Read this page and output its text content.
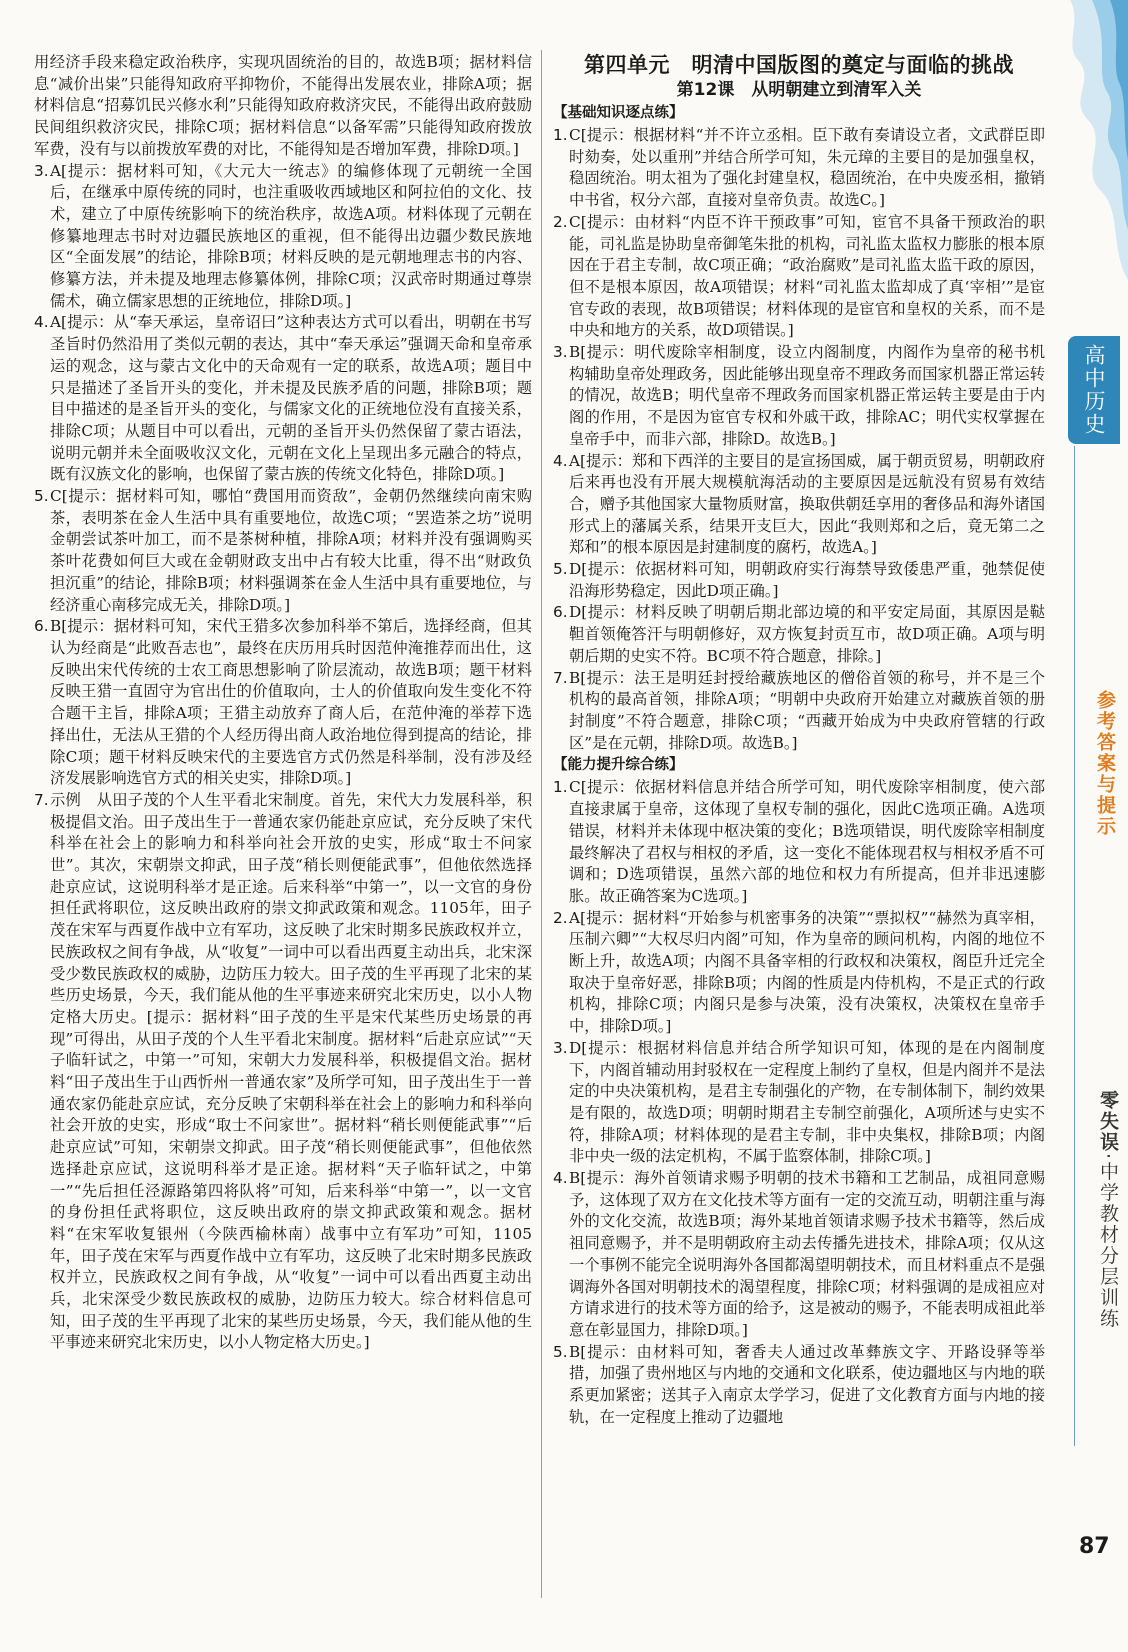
用经济手段来稳定政治秩序，实现巩固统治的目的，故选B项；据材料信息“减价出粜”只能得知政府平抑物价，不能得出发展农业，排除A项；据材料信息“招募饥民兴修水利”只能得知政府救济灾民，不能得出政府鼓励民间组织救济灾民，排除C项；据材料信息“以备军需”只能得知政府拨放军费，没有与以前拨放军费的对比，不能得知是否增加军费，排除D项。]

3. A[提示：据材料可知，《大元大一统志》的编修体现了元朝统一全国后，在继承中原传统的同时，也注重吸收西域地区和阿拉伯的文化、技术，建立了中原传统影响下的统治秩序，故选A项。材料体现了元朝在修纂地理志书时对边疆民族地区的重视，但不能得出边疆少数民族地区“全面发展”的结论，排除B项；材料反映的是元朝地理志书的内容、修纂方法，并未提及地理志修纂体例，排除C项；汉武帝时期通过尊崇儒术，确立儒家思想的正统地位，排除D项。]

4. A[提示：从“奉天承运，皇帝诏曰”这种表达方式可以看出，明朝在书写圣旨时仍然沿用了类似元朝的表达，其中“奉天承运”强调天命和皇帝承运的观念，这与蒙古文化中的天命观有一定的联系，故选A项；题目中只是描述了圣旨开头的变化，并未提及民族矛盾的问题，排除B项；题目中描述的是圣旨开头的变化，与儒家文化的正统地位没有直接关系，排除C项；从题目中可以看出，元朝的圣旨开头仍然保留了蒙古语法，说明元朝并未全面吸收汉文化，元朝在文化上呈现出多元融合的特点，既有汉族文化的影响，也保留了蒙古族的传统文化特色，排除D项。]

5. C[提示：据材料可知，哪怕“费国用而资敌”，金朝仍然继续向南宋购茶，表明茶在金人生活中具有重要地位，故选C项；“罢造茶之坊”说明金朝尝试茶叶加工，而不是茶树种植，排除A项；材料并没有强调购买茶叶花费如何巨大或在金朝财政支出中占有较大比重，得不出“财政负担沉重”的结论，排除B项；材料强调茶在金人生活中具有重要地位，与经济重心南移完成无关，排除D项。]

6. B[提示：据材料可知，宋代王猎多次参加科举不第后，选择经商，但其认为经商是“此败吾志也”，最终在庆历用兵时因范仲淹推荐而出仕，这反映出宋代传统的士农工商思想影响了阶层流动，故选B项；题干材料反映王猎一直固守为官出仕的价值取向，士人的价值取向发生变化不符合题干主旨，排除A项；王猎主动放弃了商人后，在范仲淹的举荐下选择出仕，无法从王猎的个人经历得出商人政治地位得到提高的结论，排除C项；题干材料反映宋代的主要选官方式仍然是科举制，没有涉及经济发展影响选官方式的相关史实，排除D项。]

7. 示例　从田子茂的个人生平看北宋制度。首先，宋代大力发展科举，积极提倡文治。田子茂出生于一普通农家仍能赴京应试，充分反映了宋代科举在社会上的影响力和科举向社会开放的史实，形成“取士不问家世”。其次，宋朝崇文抑武，田子茂“稍长则便能武事”，但他依然选择赴京应试，这说明科举才是正途。后来科举“中第一”，以一文官的身份担任武将职位，这反映出政府的崇文抑武政策和观念。1105年，田子茂在宋军与西夏作战中立有军功，这反映了北宋时期多民族政权并立，民族政权之间有争战，从“收复”一词中可以看出西夏主动出兵，北宋深受少数民族政权的威胁，边防压力较大。田子茂的生平再现了北宋的某些历史场景，今天，我们能从他的生平事迹来研究北宋历史，以小人物定格大历史。[提示：据材料“田子茂的生平是宋代某些历史场景的再现”可得出，从田子茂的个人生平看北宋制度。据材料“后赴京应试”“天子临轩试之，中第一”可知，宋朝大力发展科举，积极提倡文治。据材料“田子茂出生于山西忻州一普通农家”及所学可知，田子茂出生于一普通农家仍能赴京应试，充分反映了宋朝科举在社会上的影响力和科举向社会开放的史实，形成“取士不问家世”。据材料“稍长则便能武事”“后赴京应试”可知，宋朝崇文抑武。田子茂“稍长则便能武事”，但他依然选择赴京应试，这说明科举才是正途。据材料“天子临轩试之，中第一”“先后担任泾源路第四将队将”可知，后来科举“中第一”，以一文官的身份担任武将职位，这反映出政府的崇文抑武政策和观念。据材料“在宋军收复银州（今陕西榆林南）战事中立有军功”可知，1105年，田子茂在宋军与西夏作战中立有军功，这反映了北宋时期多民族政权并立，民族政权之间有争战，从“收复”一词中可以看出西夏主动出兵，北宋深受少数民族政权的威胁，边防压力较大。综合材料信息可知，田子茂的生平再现了北宋的某些历史场景，今天，我们能从他的生平事迹来研究北宋历史，以小人物定格大历史。]

第四单元　明清中国版图的奠定与面临的挑战
第12课　从明朝建立到清军入关
【基础知识逐点练】
1. C[提示：根据材料“并不许立丞相。臣下敢有奏请设立者，文武群臣即时劾奏，处以重刑”并结合所学可知，朱元璋的主要目的是加强皇权，稳固统治。明太祖为了强化封建皇权，稳固统治，在中央废丞相，撤销中书省，权分六部，直接对皇帝负责。故选C。]

2. C[提示：由材料“内臣不许干预政事”可知，宦官不具备干预政治的职能，司礼监是协助皇帝御笔朱批的机构，司礼监太监权力膨胀的根本原因在于君主专制，故C项正确；“政治腐败”是司礼监太监干政的原因，但不是根本原因，故A项错误；材料“司礼监太监却成了真‘宰相’”是宦官专政的表现，故B项错误；材料体现的是宦官和皇权的关系，而不是中央和地方的关系，故D项错误。]

3. B[提示：明代废除宰相制度，设立内阁制度，内阁作为皇帝的秘书机构辅助皇帝处理政务，因此能够出现皇帝不理政务而国家机器正常运转的情况，故选B；明代皇帝不理政务而国家机器正常运转主要是由于内阁的作用，不是因为宦官专权和外戚干政，排除AC；明代实权掌握在皇帝手中，而非六部，排除D。故选B。]

4. A[提示：郑和下西洋的主要目的是宣扬国威，属于朝贡贸易，明朝政府后来再也没有开展大规模航海活动的主要原因是远航没有贸易有效结合，赠予其他国家大量物质财富，换取供朝廷享用的奢侈品和海外诸国形式上的藩属关系，结果开支巨大，因此“我则郑和之后，竟无第二之郑和”的根本原因是封建制度的腐朽，故选A。]

5. D[提示：依据材料可知，明朝政府实行海禁导致倭患严重，弛禁促使沿海形势稳定，因此D项正确。]

6. D[提示：材料反映了明朝后期北部边境的和平安定局面，其原因是鞑靼首领俺答汗与明朝修好，双方恢复封贡互市，故D项正确。A项与明朝后期的史实不符。BC项不符合题意，排除。]

7. B[提示：法王是明廷封授给藏族地区的僧俗首领的称号，并不是三个机构的最高首领，排除A项；“明朝中央政府开始建立对藏族首领的册封制度”不符合题意，排除C项；“西藏开始成为中央政府管辖的行政区”是在元朝，排除D项。故选B。]

【能力提升综合练】
1. C[提示：依据材料信息并结合所学可知，明代废除宰相制度，使六部直接隶属于皇帝，这体现了皇权专制的强化，因此C选项正确。A选项错误，材料并未体现中枢决策的变化；B选项错误，明代废除宰相制度最终解决了君权与相权的矛盾，这一变化不能体现君权与相权矛盾不可调和；D选项错误，虽然六部的地位和权力有所提高，但并非迅速膨胀。故正确答案为C选项。]

2. A[提示：据材料“开始参与机密事务的决策”“票拟权”“赫然为真宰相，压制六卿”“大权尽归内阁”可知，作为皇帝的顾问机构，内阁的地位不断上升，故选A项；内阁不具备宰相的行政权和决策权，阁臣升迁完全取决于皇帝好恶，排除B项；内阁的性质是内侍机构，不是正式的行政机构，排除C项；内阁只是参与决策，没有决策权，决策权在皇帝手中，排除D项。]

3. D[提示：根据材料信息并结合所学知识可知，体现的是在内阁制度下，内阁首辅动用封驳权在一定程度上制约了皇权，但是内阁并不是法定的中央决策机构，是君主专制强化的产物，在专制体制下，制约效果是有限的，故选D项；明朝时期君主专制空前强化，A项所述与史实不符，排除A项；材料体现的是君主专制，非中央集权，排除B项；内阁非中央一级的法定机构，不属于监察体制，排除C项。]

4. B[提示：海外首领请求赐予明朝的技术书籍和工艺制品，成祖同意赐予，这体现了双方在文化技术等方面有一定的交流互动，明朝注重与海外的文化交流，故选B项；海外某地首领请求赐予技术书籍等，然后成祖同意赐予，并不是明朝政府主动去传播先进技术，排除A项；仅从这一个事例不能完全说明海外各国都渴望明朝技术，而且材料重点不是强调海外各国对明朝技术的渴望程度，排除C项；材料强调的是成祖应对方请求进行的技术等方面的给予，这是被动的赐予，不能表明成祖此举意在彰显国力，排除D项。]

5. B[提示：由材料可知，奢香夫人通过改革彝族文字、开路设驿等举措，加强了贵州地区与内地的交通和文化联系，使边疆地区与内地的联系更加紧密；送其子入南京太学学习，促进了文化教育方面与内地的接轨，在一定程度上推动了边疆地

高中历史
参考答案与提示
零失误·中学教材分层训练
87
